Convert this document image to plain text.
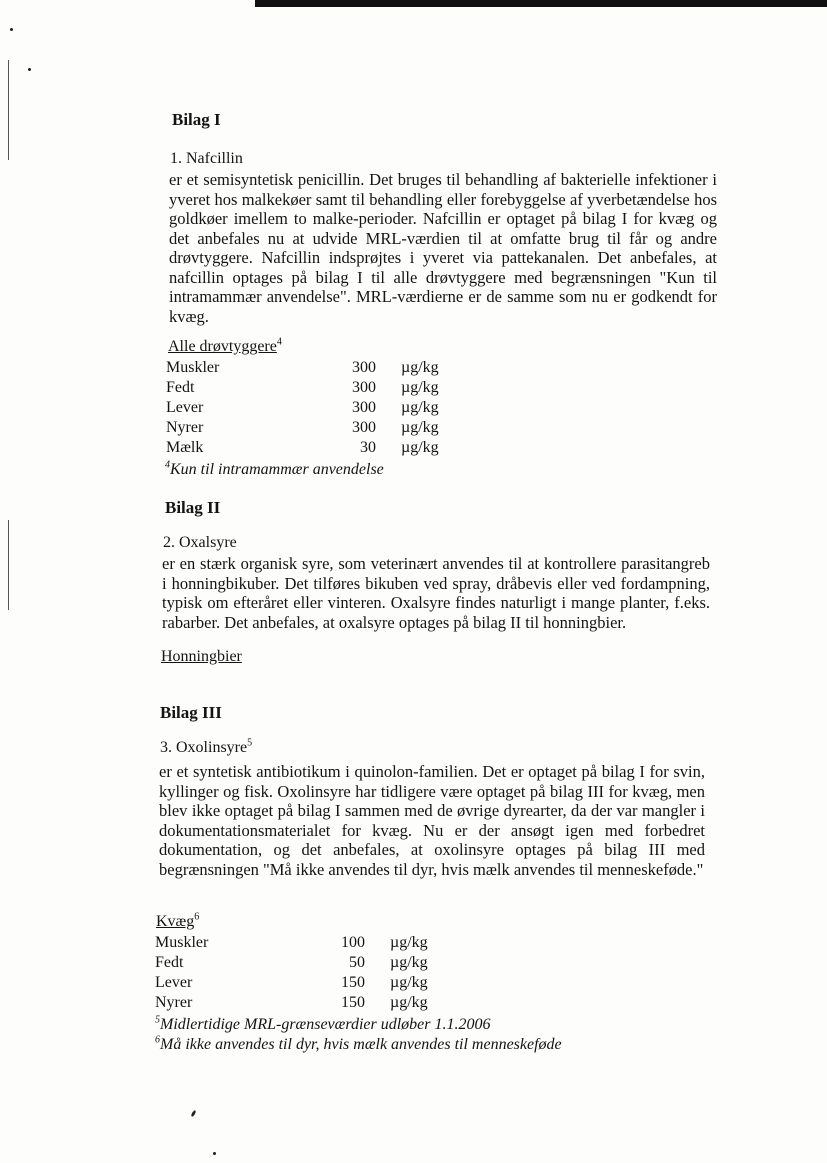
Bilag I
1. Nafcillin
er et semisyntetisk penicillin. Det bruges til behandling af bakterielle infektioner i yveret hos malkekøer samt til behandling eller forebyggelse af yverbetændelse hos goldkøer imellem to malke-perioder. Nafcillin er optaget på bilag I for kvæg og det anbefales nu at udvide MRL-værdien til at omfatte brug til får og andre drøvtyggere. Nafcillin indsprøjtes i yveret via pattekanalen. Det anbefales, at nafcillin optages på bilag I til alle drøvtyggere med begrænsningen "Kun til intramammær anvendelse". MRL-værdierne er de samme som nu er godkendt for kvæg.
Alle drøvtyggere$^4$
Muskler	300	µg/kg
Fedt	300	µg/kg
Lever	300	µg/kg
Nyrer	300	µg/kg
Mælk	30	µg/kg
$^4$Kun til intramammær anvendelse
Bilag II
2. Oxalsyre
er en stærk organisk syre, som veterinært anvendes til at kontrollere parasitangreb i honningbikuber. Det tilføres bikuben ved spray, dråbevis eller ved fordampning, typisk om efteråret eller vinteren. Oxalsyre findes naturligt i mange planter, f.eks. rabarber. Det anbefales, at oxalsyre optages på bilag II til honningbier.
Honningbier
Bilag III
3. Oxolinsyre$^5$
er et syntetisk antibiotikum i quinolon-familien. Det er optaget på bilag I for svin, kyllinger og fisk. Oxolinsyre har tidligere være optaget på bilag III for kvæg, men blev ikke optaget på bilag I sammen med de øvrige dyrearter, da der var mangler i dokumentationsmaterialet for kvæg. Nu er der ansøgt igen med forbedret dokumentation, og det anbefales, at oxolinsyre optages på bilag III med begrænsningen "Må ikke anvendes til dyr, hvis mælk anvendes til menneskeføde."
Kvæg$^6$
Muskler	100	µg/kg
Fedt	50	µg/kg
Lever	150	µg/kg
Nyrer	150	µg/kg
$^5$Midlertidige MRL-grænseværdier udløber 1.1.2006
$^6$Må ikke anvendes til dyr, hvis mælk anvendes til menneskeføde
